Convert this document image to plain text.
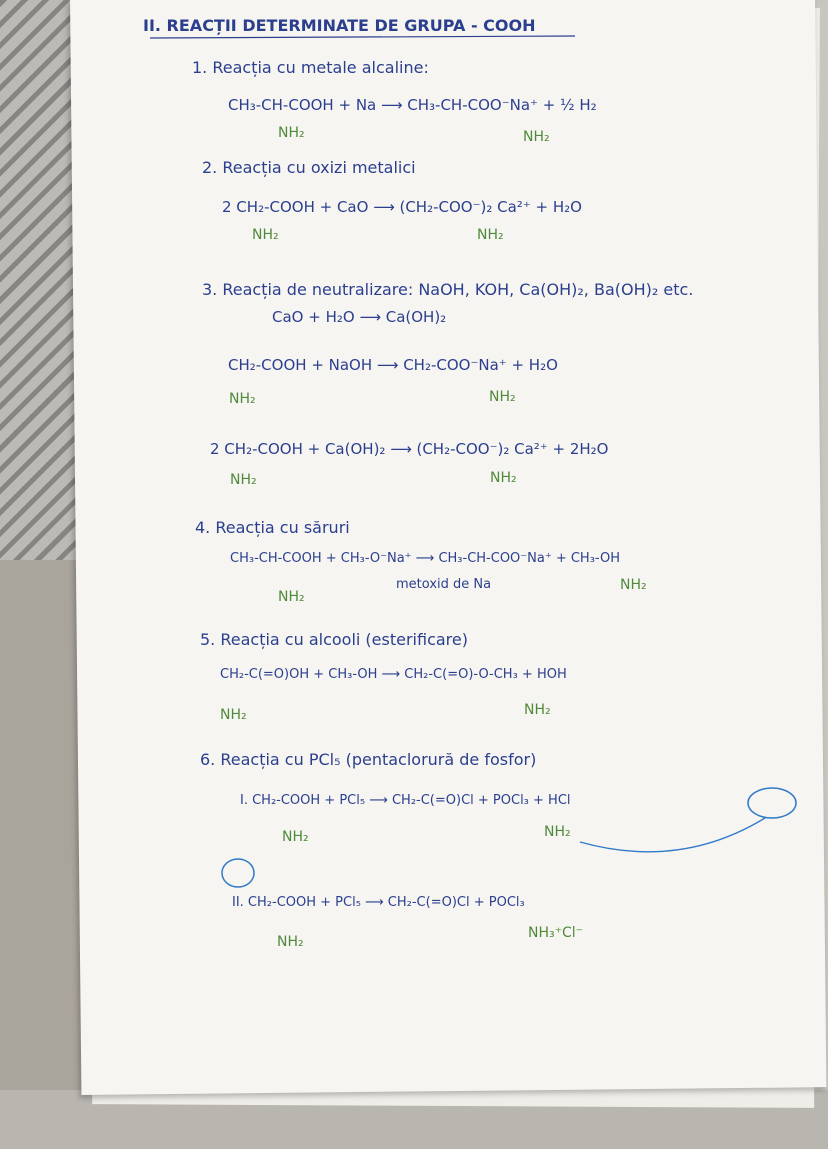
II. REACȚII DETERMINATE DE GRUPA - COOH
1. Reacția cu metale alcaline:
CH₃-CH-COOH + Na ⟶ CH₃-CH-COO⁻Na⁺ + ½ H₂
NH₂	NH₂
2. Reacția cu oxizi metalici
2 CH₂-COOH + CaO ⟶ (CH₂-COO⁻)₂ Ca²⁺ + H₂O
NH₂	NH₂
3. Reacția de neutralizare: NaOH, KOH, Ca(OH)₂, Ba(OH)₂ etc.
CaO + H₂O ⟶ Ca(OH)₂
CH₂-COOH + NaOH ⟶ CH₂-COO⁻Na⁺ + H₂O
NH₂	NH₂
2 CH₂-COOH + Ca(OH)₂ ⟶ (CH₂-COO⁻)₂ Ca²⁺ + 2H₂O
NH₂	NH₂
4. Reacția cu săruri
CH₃-CH-COOH + CH₃-O⁻Na⁺ ⟶ CH₃-CH-COO⁻Na⁺ + CH₃-OH
NH₂
NH₂
metoxid de Na
5. Reacția cu alcooli (esterificare)
CH₂-C(=O)OH + CH₃-OH ⟶ CH₂-C(=O)-O-CH₃ + HOH
NH₂	NH₂
6. Reacția cu PCl₅ (pentaclorură de fosfor)
I. CH₂-COOH + PCl₅ ⟶ CH₂-C(=O)Cl + POCl₃ + HCl
NH₂	NH₂
II. CH₂-COOH + PCl₅ ⟶ CH₂-C(=O)Cl + POCl₃
NH₂
NH₃⁺Cl⁻
